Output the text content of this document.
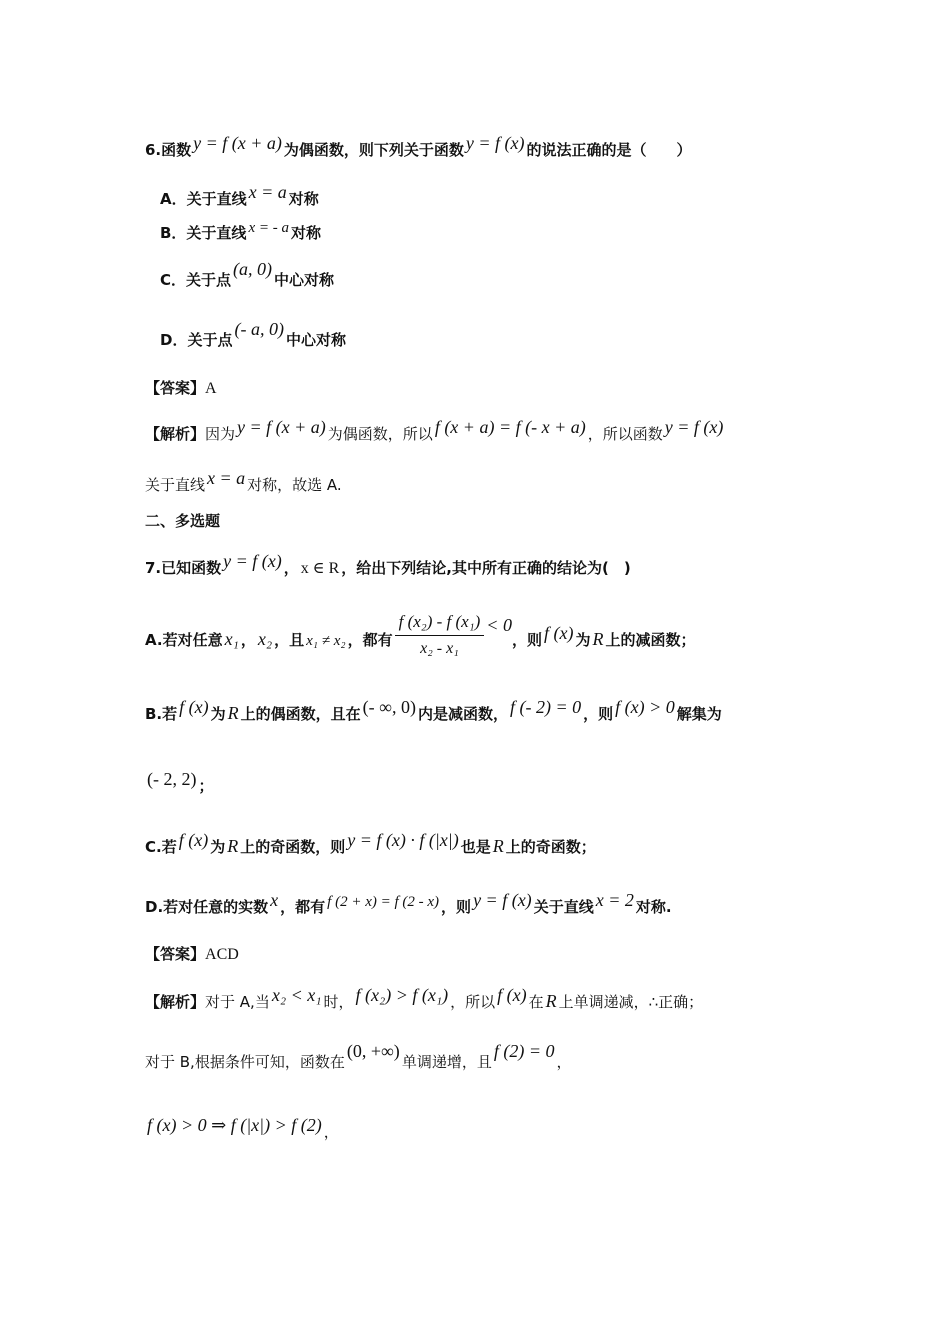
6.函数 y = f (x + a) 为偶函数，则下列关于函数 y = f (x) 的说法正确的是（　　）
A．关于直线 x = a 对称
B．关于直线 x = - a 对称
C．关于点(a, 0)中心对称
D．关于点(- a, 0)中心对称
【答案】A
【解析】因为 y = f (x + a) 为偶函数，所以 f (x + a) = f (- x + a) ，所以函数 y = f (x)
关于直线 x = a 对称，故选 A.
二、多选题
7.已知函数 y = f (x) ， x ∈ R ，给出下列结论,其中所有正确的结论为(　)
A.若对任意 x₁ ， x₂ ，且 x₁ ≠ x₂ ，都有 $\frac{\text{f (x₂) - f (x₁)}}{\text{x₂ - x₁}} < 0$，则 f (x) 为 R 上的减函数；
B.若 f (x) 为 R 上的偶函数，且在 (- ∞, 0) 内是减函数， f (- 2) = 0 ，则 f (x) > 0 解集为
(- 2, 2) ；
C.若 f (x) 为 R 上的奇函数，则 y = f (x) · f (|x|) 也是 R 上的奇函数；
D.若对任意的实数 x ，都有 f (2 + x) = f (2 - x) ，则 y = f (x) 关于直线 x = 2 对称.
【答案】ACD
【解析】对于 A,当 x₂ < x₁ 时， f (x₂) > f (x₁) ，所以 f (x) 在 R 上单调递减，∴正确；
对于 B,根据条件可知，函数在(0, +∞)单调递增，且f (2) = 0，
f (x) > 0 ⇒ f (|x|) > f (2) ，
